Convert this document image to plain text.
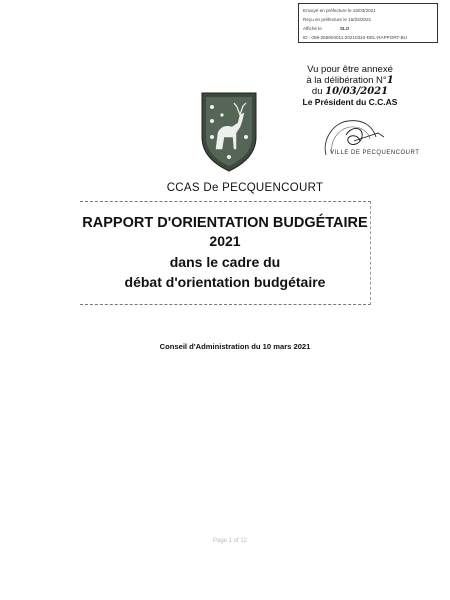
Envoyé en préfecture le 15/03/2021
Reçu en préfecture le 15/03/2021
Affiché le	SLO
ID : 059-265904011-20210310-DEL-RAPPORT-BU
Vu pour être annexé
à la délibération N°1
du 10/03/2021
Le Président du C.C.AS
VILLE DE PECQUENCOURT
CCAS De PECQUENCOURT
RAPPORT D'ORIENTATION BUDGÉTAIRE
2021
dans le cadre du
débat d'orientation budgétaire
Conseil d'Administration du 10 mars 2021
Page 1 of 12
